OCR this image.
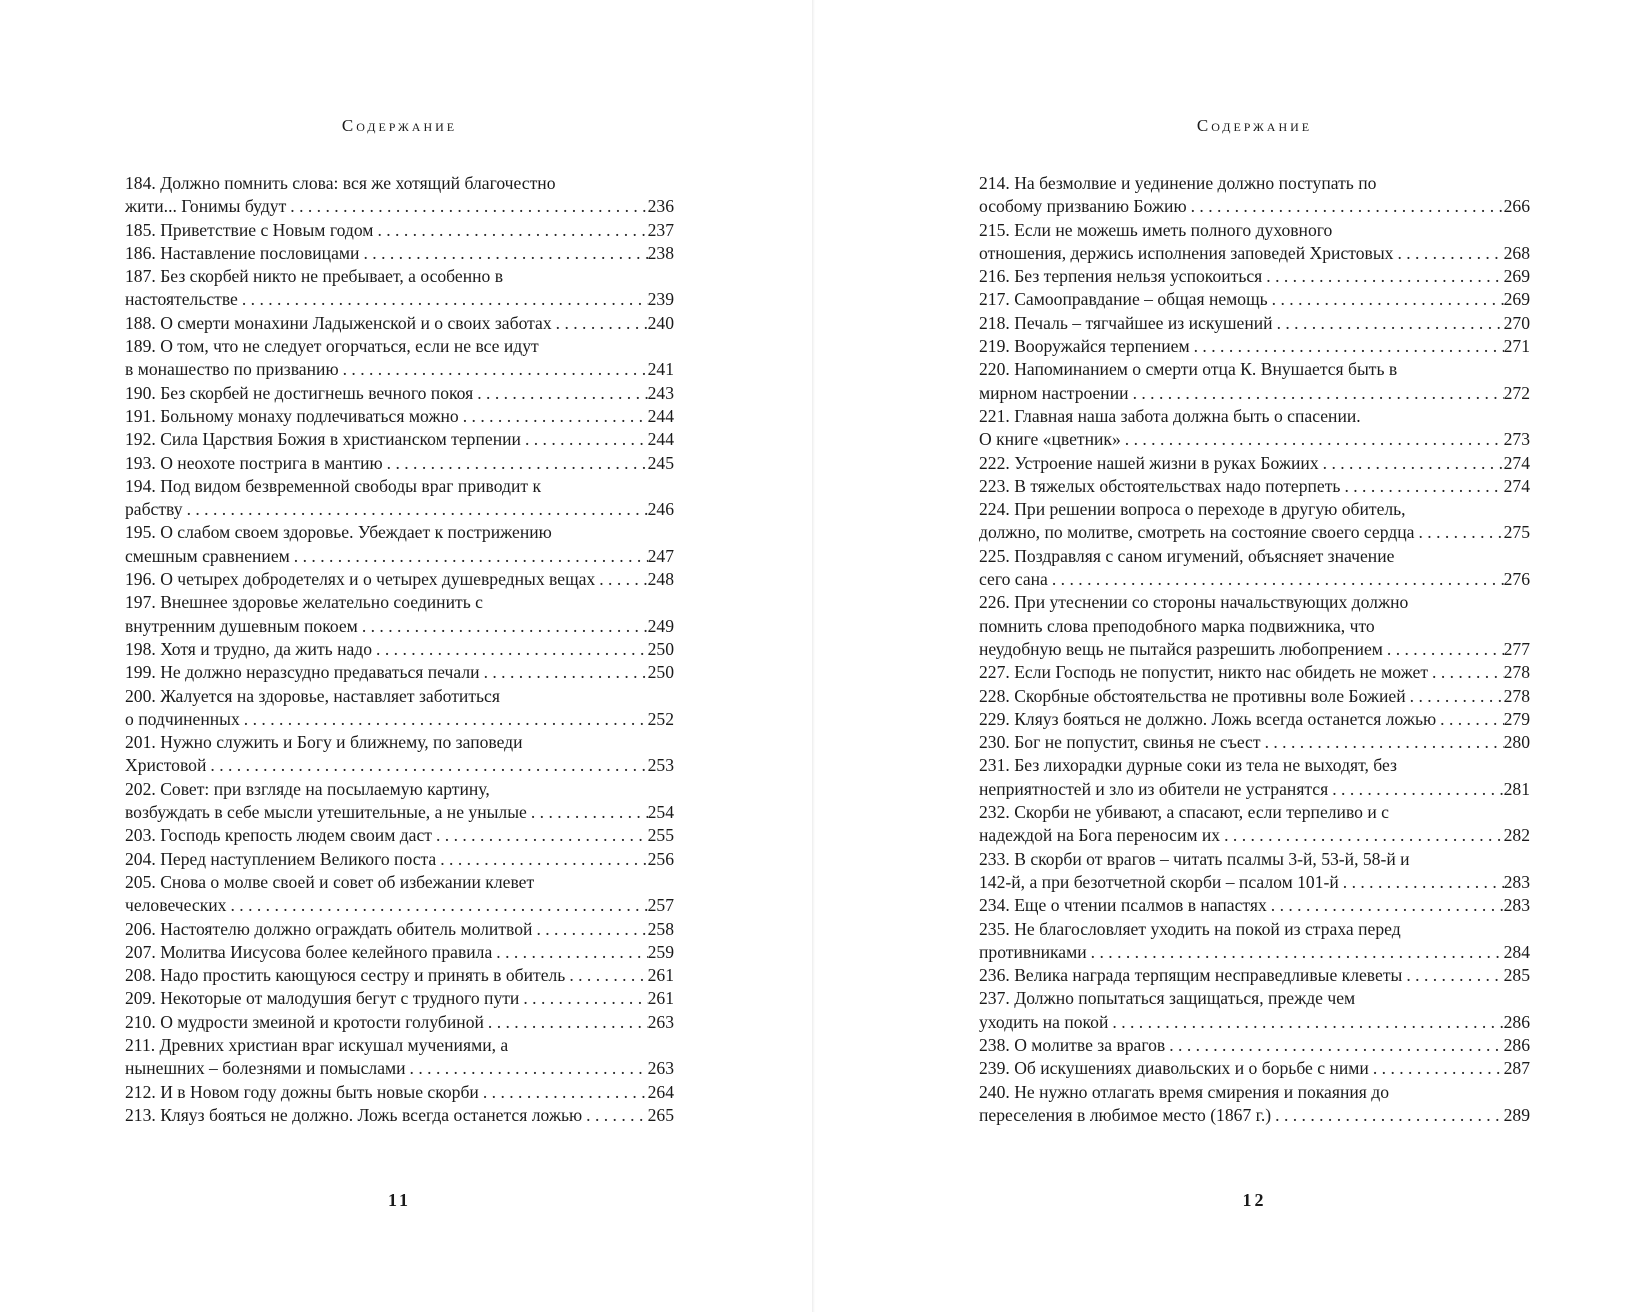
Содержание
184. Должно помнить слова: вся же хотящий благочестно
жити... Гонимы будут . . .	236
185. Приветствие с Новым годом . . .	237
186. Наставление пословицами . . .	238
187. Без скорбей никто не пребывает, а особенно в
настоятельстве . . .	239
188. О смерти монахини Ладыженской и о своих заботах . . .	240
189. О том, что не следует огорчаться, если не все идут
в монашество по призванию . . .	241
190. Без скорбей не достигнешь вечного покоя . . .	243
191. Больному монаху подлечиваться можно . . .	244
192. Сила Царствия Божия в христианском терпении . . .	244
193. О неохоте пострига в мантию . . .	245
194. Под видом безвременной свободы враг приводит к
рабству . . .	246
195. О слабом своем здоровье. Убеждает к пострижению
смешным сравнением . . .	247
196. О четырех добродетелях и о четырех душевредных вещах . . .	248
197. Внешнее здоровье желательно соединить с
внутренним душевным покоем . . .	249
198. Хотя и трудно, да жить надо . . .	250
199. Не должно неразсудно предаваться печали . . .	250
200. Жалуется на здоровье, наставляет заботиться
о подчиненных . . .	252
201. Нужно служить и Богу и ближнему, по заповеди
Христовой . . .	253
202. Совет: при взгляде на посылаемую картину,
возбуждать в себе мысли утешительные, а не унылые . . .	254
203. Господь крепость людем своим даст . . .	255
204. Перед наступлением Великого поста . . .	256
205. Снова о молве своей и совет об избежании клевет
человеческих . . .	257
206. Настоятелю должно ограждать обитель молитвой . . .	258
207. Молитва Иисусова более келейного правила . . .	259
208. Надо простить кающуюся сестру и принять в обитель . . .	261
209. Некоторые от малодушия бегут с трудного пути . . .	261
210. О мудрости змеиной и кротости голубиной . . .	263
211. Древних христиан враг искушал мучениями, а
нынешних – болезнями и помыслами . . .	263
212. И в Новом году дожны быть новые скорби . . .	264
213. Кляуз бояться не должно. Ложь всегда останется ложью . . .	265
11
Содержание
214. На безмолвие и уединение должно поступать по
особому призванию Божию . . .	266
215. Если не можешь иметь полного духовного
отношения, держись исполнения заповедей Христовых . . .	268
216. Без терпения нельзя успокоиться . . .	269
217. Самооправдание – общая немощь . . .	269
218. Печаль – тягчайшее из искушений . . .	270
219. Вооружайся терпением . . .	271
220. Напоминанием о смерти отца К. Внушается быть в
мирном настроении . . .	272
221. Главная наша забота должна быть о спасении.
О книге «цветник» . . .	273
222. Устроение нашей жизни в руках Божиих . . .	274
223. В тяжелых обстоятельствах надо потерпеть . . .	274
224. При решении вопроса о переходе в другую обитель,
должно, по молитве, смотреть на состояние своего сердца . . .	275
225. Поздравляя с саном игумений, объясняет значение
сего сана . . .	276
226. При утеснении со стороны начальствующих должно
помнить слова преподобного марка подвижника, что
неудобную вещь не пытайся разрешить любопрением . . .	277
227. Если Господь не попустит, никто нас обидеть не может . . .	278
228. Скорбные обстоятельства не противны воле Божией . . .	278
229. Кляуз бояться не должно. Ложь всегда останется ложью . . .	279
230. Бог не попустит, свинья не съест . . .	280
231. Без лихорадки дурные соки из тела не выходят, без
неприятностей и зло из обители не устранятся . . .	281
232. Скорби не убивают, а спасают, если терпеливо и с
надеждой на Бога переносим их . . .	282
233. В скорби от врагов – читать псалмы 3-й, 53-й, 58-й и
142-й, а при безотчетной скорби – псалом 101-й . . .	283
234. Еще о чтении псалмов в напастях . . .	283
235. Не благословляет уходить на покой из страха перед
противниками . . .	284
236. Велика награда терпящим несправедливые клеветы . . .	285
237. Должно попытаться защищаться, прежде чем
уходить на покой . . .	286
238. О молитве за врагов . . .	286
239. Об искушениях диавольских и о борьбе с ними . . .	287
240. Не нужно отлагать время смирения и покаяния до
переселения в любимое место (1867 г.) . . .	289
12
